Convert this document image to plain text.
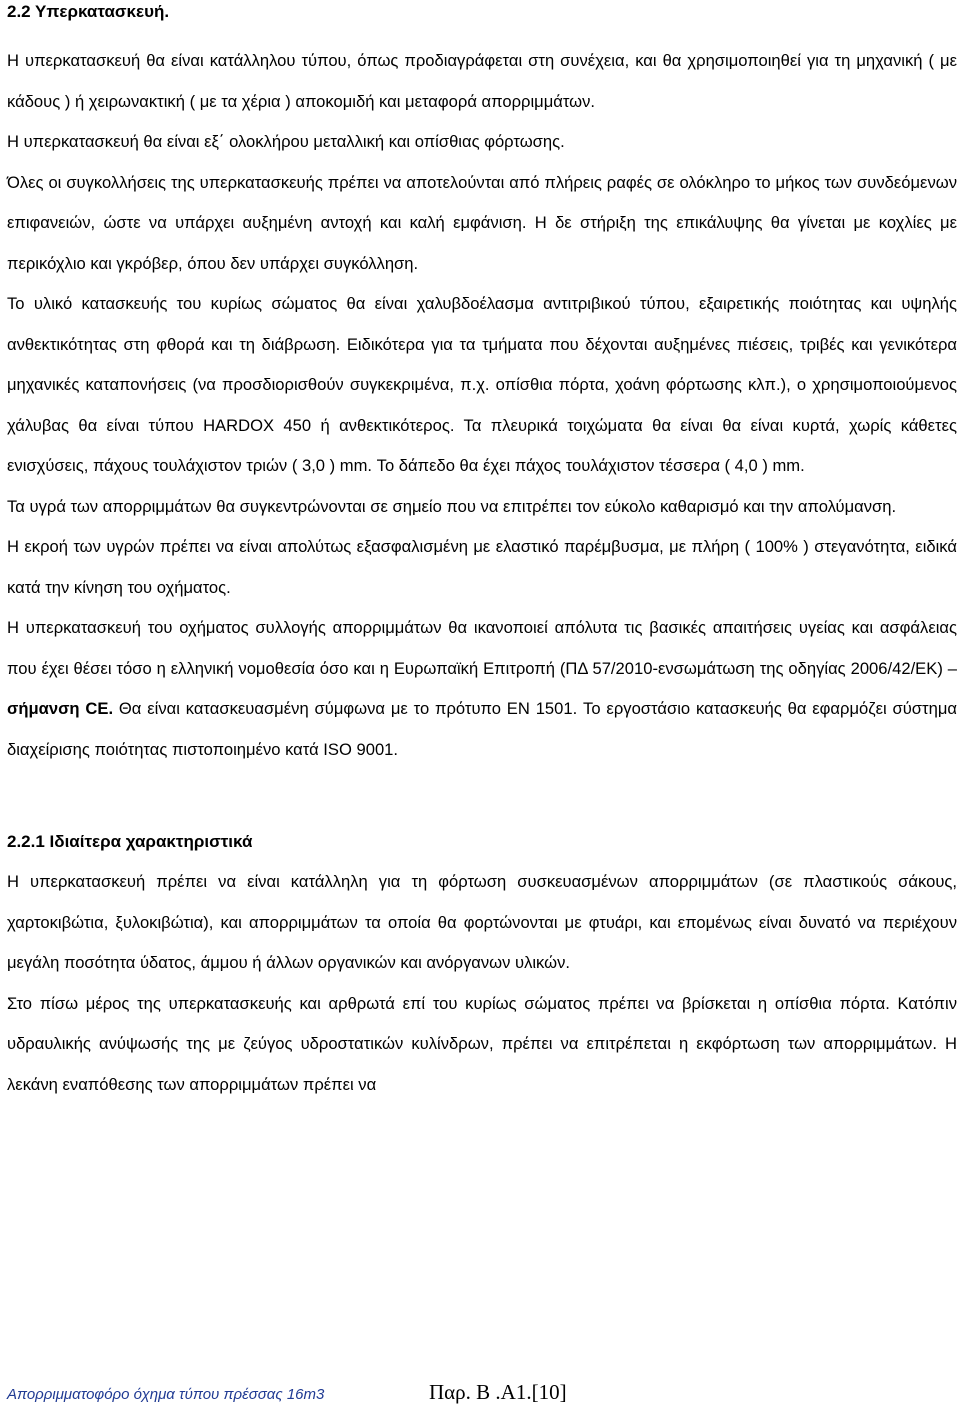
2.2 Υπερκατασκευή.

Η υπερκατασκευή θα είναι κατάλληλου τύπου, όπως προδιαγράφεται στη συνέχεια, και θα χρησιμοποιηθεί για τη μηχανική ( με κάδους ) ή χειρωνακτική ( με τα χέρια ) αποκομιδή και μεταφορά απορριμμάτων.

Η υπερκατασκευή θα είναι εξ΄ ολοκλήρου μεταλλική και οπίσθιας φόρτωσης.

Όλες οι συγκολλήσεις της υπερκατασκευής πρέπει να αποτελούνται από πλήρεις ραφές σε ολόκληρο το μήκος των συνδεόμενων επιφανειών, ώστε να υπάρχει αυξημένη αντοχή και καλή εμφάνιση. Η δε στήριξη της επικάλυψης θα γίνεται με κοχλίες με περικόχλιο και γκρόβερ, όπου δεν υπάρχει συγκόλληση.

Το υλικό κατασκευής του κυρίως σώματος θα είναι χαλυβδοέλασμα αντιτριβικού τύπου, εξαιρετικής ποιότητας και υψηλής ανθεκτικότητας στη φθορά και τη διάβρωση. Ειδικότερα για τα τμήματα που δέχονται αυξημένες πιέσεις, τριβές και γενικότερα μηχανικές καταπονήσεις (να προσδιορισθούν συγκεκριμένα, π.χ. οπίσθια πόρτα, χοάνη φόρτωσης κλπ.), ο χρησιμοποιούμενος χάλυβας θα είναι τύπου HARDOX 450 ή ανθεκτικότερος. Τα πλευρικά τοιχώματα θα είναι θα είναι κυρτά, χωρίς κάθετες ενισχύσεις, πάχους τουλάχιστον τριών ( 3,0 ) mm. Το δάπεδο θα έχει πάχος τουλάχιστον τέσσερα ( 4,0 ) mm.

Τα υγρά των απορριμμάτων θα συγκεντρώνονται σε σημείο που να επιτρέπει τον εύκολο καθαρισμό και την απολύμανση.

Η εκροή των υγρών πρέπει να είναι απολύτως εξασφαλισμένη με ελαστικό παρέμβυσμα, με πλήρη ( 100% ) στεγανότητα, ειδικά κατά την κίνηση του οχήματος.

Η υπερκατασκευή του οχήματος συλλογής απορριμμάτων θα ικανοποιεί απόλυτα τις βασικές απαιτήσεις υγείας και ασφάλειας που έχει θέσει τόσο η ελληνική νομοθεσία όσο και η Ευρωπαϊκή Επιτροπή (ΠΔ 57/2010-ενσωμάτωση της οδηγίας 2006/42/ΕΚ) – σήμανση CE. Θα είναι κατασκευασμένη σύμφωνα με το πρότυπο EN 1501. Το εργοστάσιο κατασκευής θα εφαρμόζει σύστημα διαχείρισης ποιότητας πιστοποιημένο κατά ISO 9001.

2.2.1 Ιδιαίτερα χαρακτηριστικά

Η υπερκατασκευή πρέπει να είναι κατάλληλη για τη φόρτωση συσκευασμένων απορριμμάτων (σε πλαστικούς σάκους, χαρτοκιβώτια, ξυλοκιβώτια), και απορριμμάτων τα οποία θα φορτώνονται με φτυάρι, και επομένως είναι δυνατό να περιέχουν μεγάλη ποσότητα ύδατος, άμμου ή άλλων οργανικών και ανόργανων υλικών.

Στο πίσω μέρος της υπερκατασκευής και αρθρωτά επί του κυρίως σώματος πρέπει να βρίσκεται η οπίσθια πόρτα. Κατόπιν υδραυλικής ανύψωσής της με ζεύγος υδροστατικών κυλίνδρων, πρέπει να επιτρέπεται η εκφόρτωση των απορριμμάτων. Η λεκάνη εναπόθεσης των απορριμμάτων πρέπει να

Απορριμματοφόρο όχημα τύπου πρέσσας 16m3	Παρ. Β .Α1.[10]
